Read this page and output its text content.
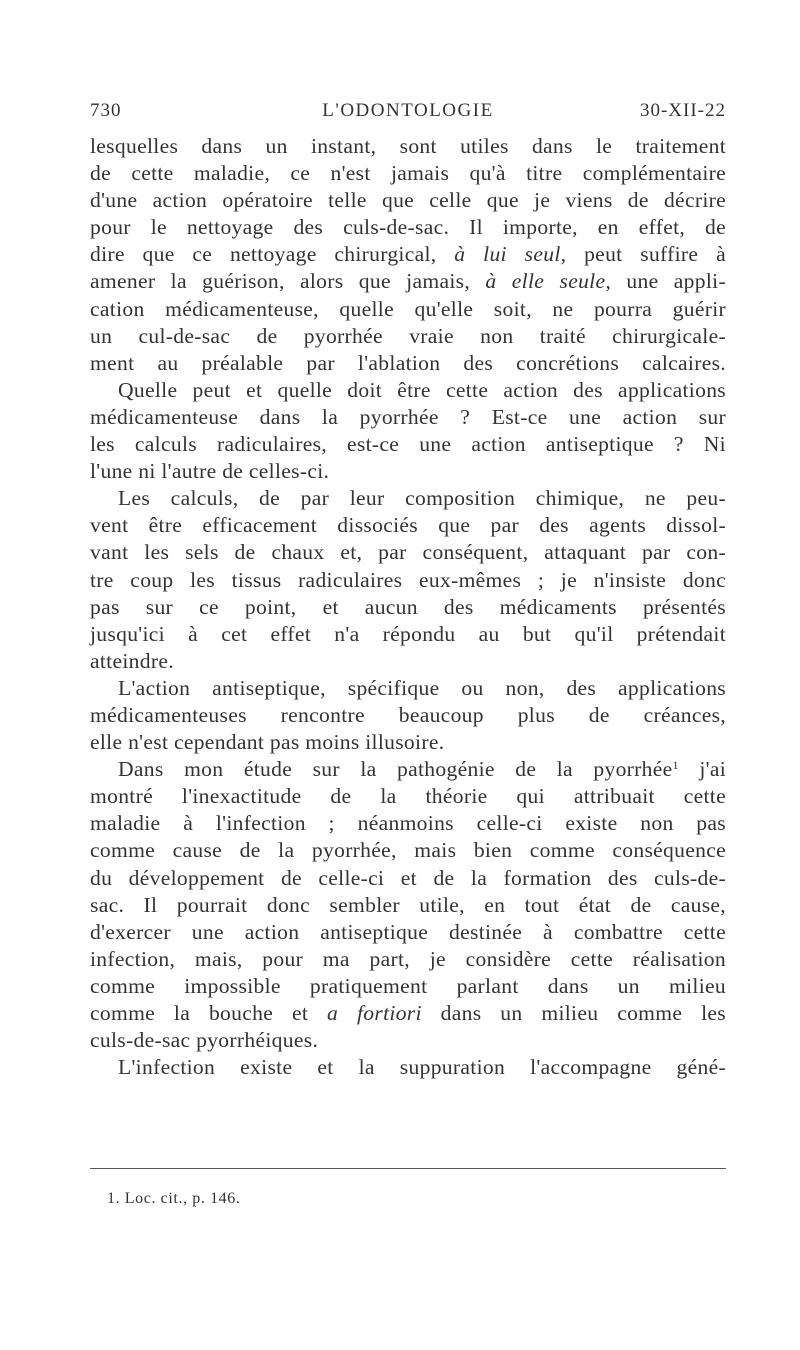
730	L'ODONTOLOGIE	30-XII-22
lesquelles dans un instant, sont utiles dans le traitement
de cette maladie, ce n'est jamais qu'à titre complémentaire
d'une action opératoire telle que celle que je viens de décrire
pour le nettoyage des culs-de-sac. Il importe, en effet, de
dire que ce nettoyage chirurgical, à lui seul, peut suffire à
amener la guérison, alors que jamais, à elle seule, une appli-
cation médicamenteuse, quelle qu'elle soit, ne pourra guérir
un cul-de-sac de pyorrhée vraie non traité chirurgicale-
ment au préalable par l'ablation des concrétions calcaires.
Quelle peut et quelle doit être cette action des applications
médicamenteuse dans la pyorrhée ? Est-ce une action sur
les calculs radiculaires, est-ce une action antiseptique ? Ni
l'une ni l'autre de celles-ci.
Les calculs, de par leur composition chimique, ne peu-
vent être efficacement dissociés que par des agents dissol-
vant les sels de chaux et, par conséquent, attaquant par con-
tre coup les tissus radiculaires eux-mêmes ; je n'insiste donc
pas sur ce point, et aucun des médicaments présentés
jusqu'ici à cet effet n'a répondu au but qu'il prétendait
atteindre.
L'action antiseptique, spécifique ou non, des applications
médicamenteuses rencontre beaucoup plus de créances,
elle n'est cependant pas moins illusoire.
Dans mon étude sur la pathogénie de la pyorrhée$^1$ j'ai
montré l'inexactitude de la théorie qui attribuait cette
maladie à l'infection ; néanmoins celle-ci existe non pas
comme cause de la pyorrhée, mais bien comme conséquence
du développement de celle-ci et de la formation des culs-de-
sac. Il pourrait donc sembler utile, en tout état de cause,
d'exercer une action antiseptique destinée à combattre cette
infection, mais, pour ma part, je considère cette réalisation
comme impossible pratiquement parlant dans un milieu
comme la bouche et a fortiori dans un milieu comme les
culs-de-sac pyorrhéiques.
L'infection existe et la suppuration l'accompagne géné-
1. Loc. cit., p. 146.
